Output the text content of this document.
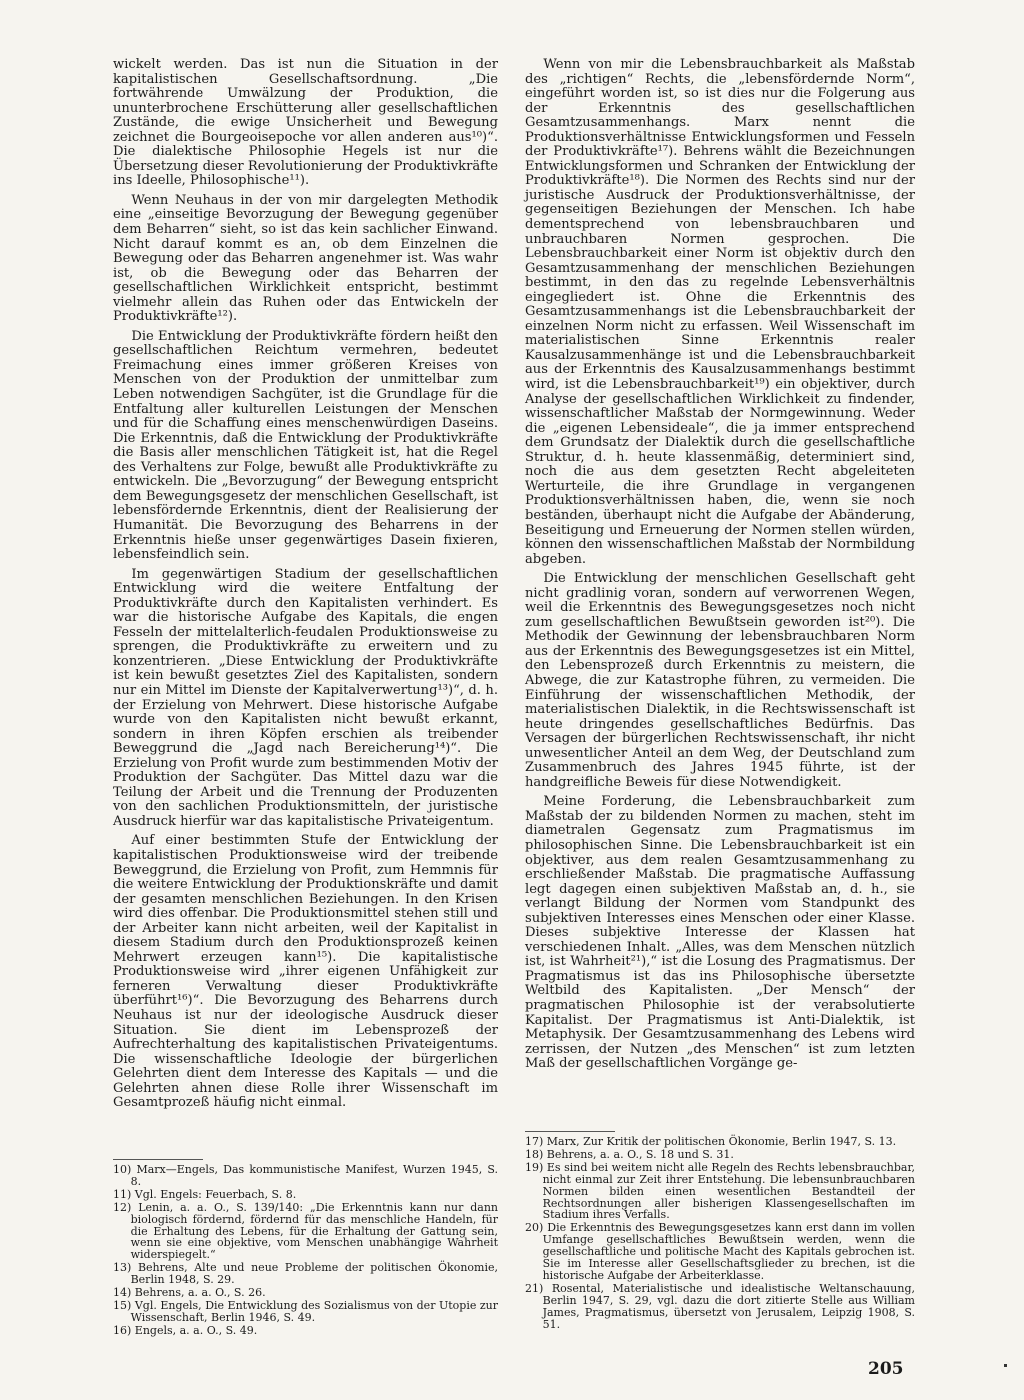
wickelt werden. Das ist nun die Situation in der kapitalistischen Gesellschaftsordnung. „Die fortwährende Umwälzung der Produktion, die ununterbrochene Erschütterung aller gesellschaftlichen Zustände, die ewige Unsicherheit und Bewegung zeichnet die Bourgeoisepoche vor allen anderen aus¹⁰)“. Die dialektische Philosophie Hegels ist nur die Übersetzung dieser Revolutionierung der Produktivkräfte ins Ideelle, Philosophische¹¹).

Wenn Neuhaus in der von mir dargelegten Methodik eine „einseitige Bevorzugung der Bewegung gegenüber dem Beharren“ sieht, so ist das kein sachlicher Einwand. Nicht darauf kommt es an, ob dem Einzelnen die Bewegung oder das Beharren angenehmer ist. Was wahr ist, ob die Bewegung oder das Beharren der gesellschaftlichen Wirklichkeit entspricht, bestimmt vielmehr allein das Ruhen oder das Entwickeln der Produktivkräfte¹²).

Die Entwicklung der Produktivkräfte fördern heißt den gesellschaftlichen Reichtum vermehren, bedeutet Freimachung eines immer größeren Kreises von Menschen von der Produktion der unmittelbar zum Leben notwendigen Sachgüter, ist die Grundlage für die Entfaltung aller kulturellen Leistungen der Menschen und für die Schaffung eines menschenwürdigen Daseins. Die Erkenntnis, daß die Entwicklung der Produktivkräfte die Basis aller menschlichen Tätigkeit ist, hat die Regel des Verhaltens zur Folge, bewußt alle Produktivkräfte zu entwickeln. Die „Bevorzugung“ der Bewegung entspricht dem Bewegungsgesetz der menschlichen Gesellschaft, ist lebensfördernde Erkenntnis, dient der Realisierung der Humanität. Die Bevorzugung des Beharrens in der Erkenntnis hieße unser gegenwärtiges Dasein fixieren, lebensfeindlich sein.

Im gegenwärtigen Stadium der gesellschaftlichen Entwicklung wird die weitere Entfaltung der Produktivkräfte durch den Kapitalisten verhindert. Es war die historische Aufgabe des Kapitals, die engen Fesseln der mittelalterlich-feudalen Produktionsweise zu sprengen, die Produktivkräfte zu erweitern und zu konzentrieren. „Diese Entwicklung der Produktivkräfte ist kein bewußt gesetztes Ziel des Kapitalisten, sondern nur ein Mittel im Dienste der Kapitalverwertung¹³)“, d. h. der Erzielung von Mehrwert. Diese historische Aufgabe wurde von den Kapitalisten nicht bewußt erkannt, sondern in ihren Köpfen erschien als treibender Beweggrund die „Jagd nach Bereicherung¹⁴)“. Die Erzielung von Profit wurde zum bestimmenden Motiv der Produktion der Sachgüter. Das Mittel dazu war die Teilung der Arbeit und die Trennung der Produzenten von den sachlichen Produktionsmitteln, der juristische Ausdruck hierfür war das kapitalistische Privateigentum.

Auf einer bestimmten Stufe der Entwicklung der kapitalistischen Produktionsweise wird der treibende Beweggrund, die Erzielung von Profit, zum Hemmnis für die weitere Entwicklung der Produktionskräfte und damit der gesamten menschlichen Beziehungen. In den Krisen wird dies offenbar. Die Produktionsmittel stehen still und der Arbeiter kann nicht arbeiten, weil der Kapitalist in diesem Stadium durch den Produktionsprozeß keinen Mehrwert erzeugen kann¹⁵). Die kapitalistische Produktionsweise wird „ihrer eigenen Unfähigkeit zur ferneren Verwaltung dieser Produktivkräfte überführt¹⁶)“. Die Bevorzugung des Beharrens durch Neuhaus ist nur der ideologische Ausdruck dieser Situation. Sie dient im Lebensprozeß der Aufrechterhaltung des kapitalistischen Privateigentums. Die wissenschaftliche Ideologie der bürgerlichen Gelehrten dient dem Interesse des Kapitals — und die Gelehrten ahnen diese Rolle ihrer Wissenschaft im Gesamtprozeß häufig nicht einmal.

Wenn von mir die Lebensbrauchbarkeit als Maßstab des „richtigen“ Rechts, die „lebensfördernde Norm“, eingeführt worden ist, so ist dies nur die Folgerung aus der Erkenntnis des gesellschaftlichen Gesamtzusammenhangs. Marx nennt die Produktionsverhältnisse Entwicklungsformen und Fesseln der Produktivkräfte¹⁷). Behrens wählt die Bezeichnungen Entwicklungsformen und Schranken der Entwicklung der Produktivkräfte¹⁸). Die Normen des Rechts sind nur der juristische Ausdruck der Produktionsverhältnisse, der gegenseitigen Beziehungen der Menschen. Ich habe dementsprechend von lebensbrauchbaren und unbrauchbaren Normen gesprochen. Die Lebensbrauchbarkeit einer Norm ist objektiv durch den Gesamtzusammenhang der menschlichen Beziehungen bestimmt, in den das zu regelnde Lebensverhältnis eingegliedert ist. Ohne die Erkenntnis des Gesamtzusammenhangs ist die Lebensbrauchbarkeit der einzelnen Norm nicht zu erfassen. Weil Wissenschaft im materialistischen Sinne Erkenntnis realer Kausalzusammenhänge ist und die Lebensbrauchbarkeit aus der Erkenntnis des Kausalzusammenhangs bestimmt wird, ist die Lebensbrauchbarkeit¹⁹) ein objektiver, durch Analyse der gesellschaftlichen Wirklichkeit zu findender, wissenschaftlicher Maßstab der Normgewinnung. Weder die „eigenen Lebensideale“, die ja immer entsprechend dem Grundsatz der Dialektik durch die gesellschaftliche Struktur, d. h. heute klassenmäßig, determiniert sind, noch die aus dem gesetzten Recht abgeleiteten Werturteile, die ihre Grundlage in vergangenen Produktionsverhältnissen haben, die, wenn sie noch beständen, überhaupt nicht die Aufgabe der Abänderung, Beseitigung und Erneuerung der Normen stellen würden, können den wissenschaftlichen Maßstab der Normbildung abgeben.

Die Entwicklung der menschlichen Gesellschaft geht nicht gradlinig voran, sondern auf verworrenen Wegen, weil die Erkenntnis des Bewegungsgesetzes noch nicht zum gesellschaftlichen Bewußtsein geworden ist²⁰). Die Methodik der Gewinnung der lebensbrauchbaren Norm aus der Erkenntnis des Bewegungsgesetzes ist ein Mittel, den Lebensprozeß durch Erkenntnis zu meistern, die Abwege, die zur Katastrophe führen, zu vermeiden. Die Einführung der wissenschaftlichen Methodik, der materialistischen Dialektik, in die Rechtswissenschaft ist heute dringendes gesellschaftliches Bedürfnis. Das Versagen der bürgerlichen Rechtswissenschaft, ihr nicht unwesentlicher Anteil an dem Weg, der Deutschland zum Zusammenbruch des Jahres 1945 führte, ist der handgreifliche Beweis für diese Notwendigkeit.

Meine Forderung, die Lebensbrauchbarkeit zum Maßstab der zu bildenden Normen zu machen, steht im diametralen Gegensatz zum Pragmatismus im philosophischen Sinne. Die Lebensbrauchbarkeit ist ein objektiver, aus dem realen Gesamtzusammenhang zu erschließender Maßstab. Die pragmatische Auffassung legt dagegen einen subjektiven Maßstab an, d. h., sie verlangt Bildung der Normen vom Standpunkt des subjektiven Interesses eines Menschen oder einer Klasse. Dieses subjektive Interesse der Klassen hat verschiedenen Inhalt. „Alles, was dem Menschen nützlich ist, ist Wahrheit²¹),“ ist die Losung des Pragmatismus. Der Pragmatismus ist das ins Philosophische übersetzte Weltbild des Kapitalisten. „Der Mensch“ der pragmatischen Philosophie ist der verabsolutierte Kapitalist. Der Pragmatismus ist Anti-Dialektik, ist Metaphysik. Der Gesamtzusammenhang des Lebens wird zerrissen, der Nutzen „des Menschen“ ist zum letzten Maß der gesellschaftlichen Vorgänge ge-

10) Marx—Engels, Das kommunistische Manifest, Wurzen 1945, S. 8.
11) Vgl. Engels: Feuerbach, S. 8.
12) Lenin, a. a. O., S. 139/140: „Die Erkenntnis kann nur dann biologisch fördernd, fördernd für das menschliche Handeln, für die Erhaltung des Lebens, für die Erhaltung der Gattung sein, wenn sie eine objektive, vom Menschen unabhängige Wahrheit widerspiegelt.“
13) Behrens, Alte und neue Probleme der politischen Ökonomie, Berlin 1948, S. 29.
14) Behrens, a. a. O., S. 26.
15) Vgl. Engels, Die Entwicklung des Sozialismus von der Utopie zur Wissenschaft, Berlin 1946, S. 49.
16) Engels, a. a. O., S. 49.
17) Marx, Zur Kritik der politischen Ökonomie, Berlin 1947, S. 13.
18) Behrens, a. a. O., S. 18 und S. 31.
19) Es sind bei weitem nicht alle Regeln des Rechts lebensbrauchbar, nicht einmal zur Zeit ihrer Entstehung. Die lebensunbrauchbaren Normen bilden einen wesentlichen Bestandteil der Rechtsordnungen aller bisherigen Klassengesellschaften im Stadium ihres Verfalls.
20) Die Erkenntnis des Bewegungsgesetzes kann erst dann im vollen Umfange gesellschaftliches Bewußtsein werden, wenn die gesellschaftliche und politische Macht des Kapitals gebrochen ist. Sie im Interesse aller Gesellschaftsglieder zu brechen, ist die historische Aufgabe der Arbeiterklasse.
21) Rosental, Materialistische und idealistische Weltanschauung, Berlin 1947, S. 29, vgl. dazu die dort zitierte Stelle aus William James, Pragmatismus, übersetzt von Jerusalem, Leipzig 1908, S. 51.
205
